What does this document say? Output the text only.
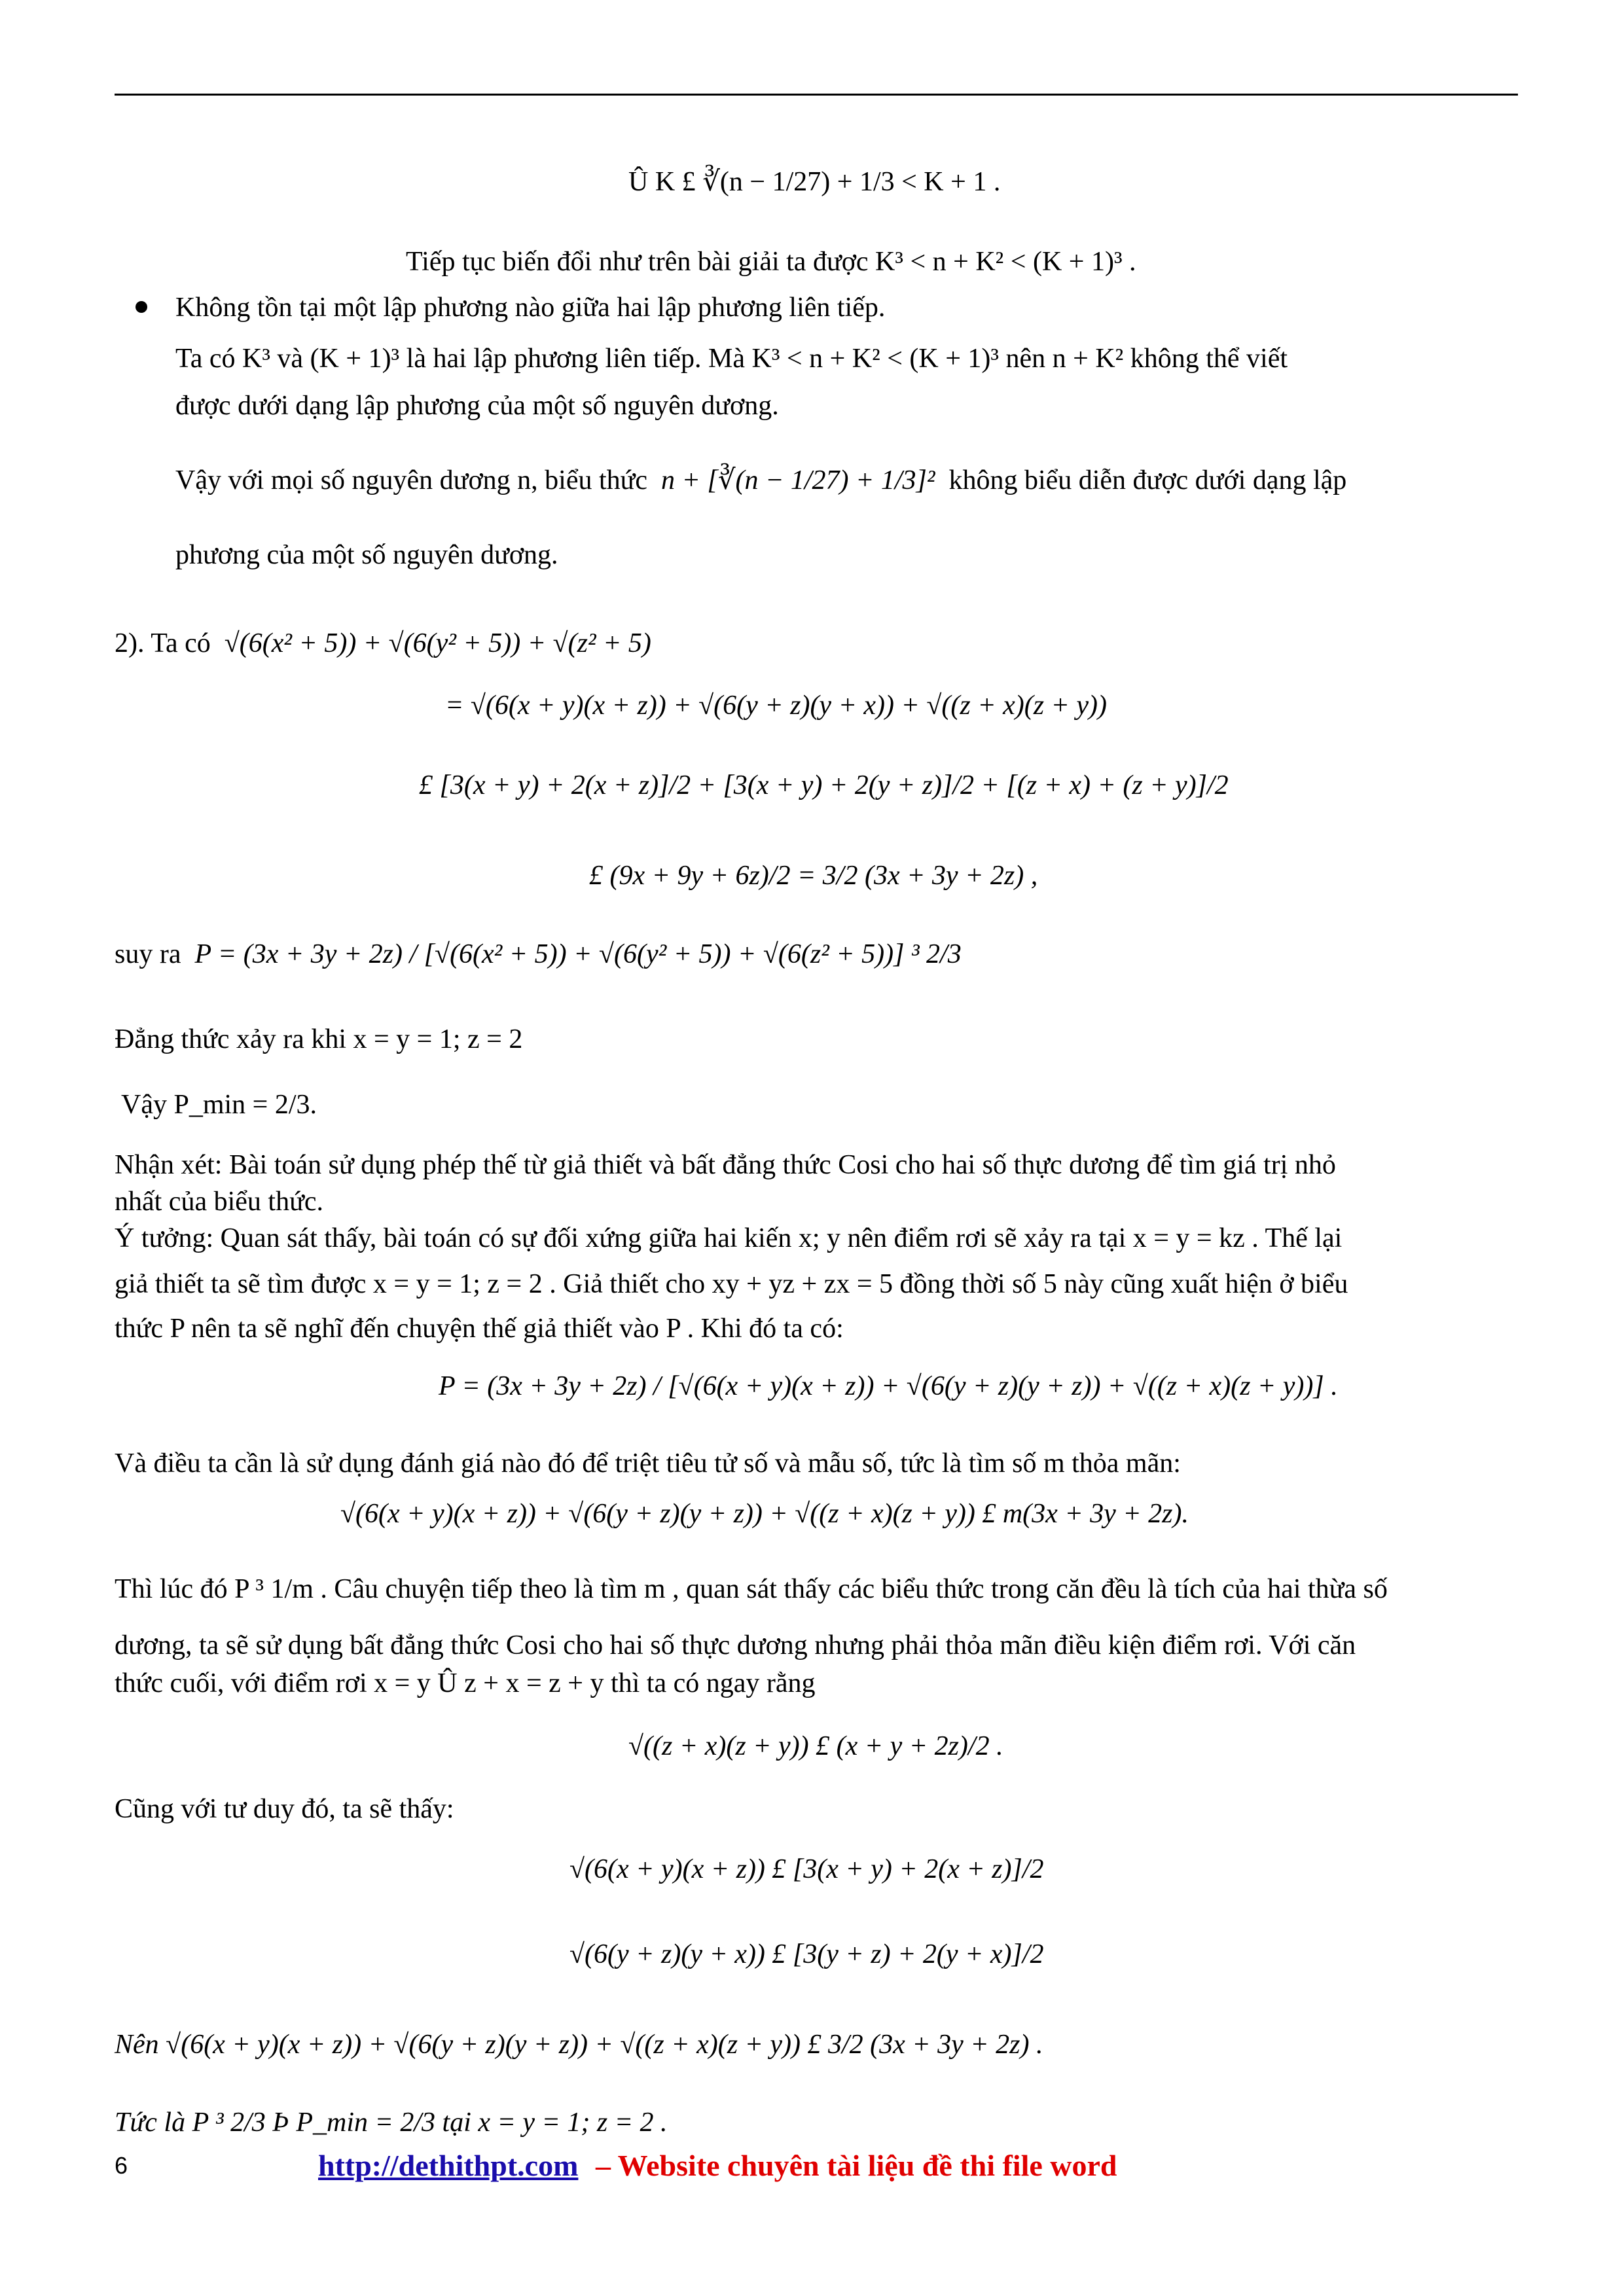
Û K £ ∛(n − 1/27) + 1/3 < K + 1 .
Tiếp tục biến đổi như trên bài giải ta được K³ < n + K² < (K + 1)³ .
Không tồn tại một lập phương nào giữa hai lập phương liên tiếp.
Ta có K³ và (K + 1)³ là hai lập phương liên tiếp. Mà K³ < n + K² < (K + 1)³ nên n + K² không thể viết
được dưới dạng lập phương của một số nguyên dương.
Vậy với mọi số nguyên dương n, biểu thức n + [∛(n − 1/27) + 1/3]² không biểu diễn được dưới dạng lập
phương của một số nguyên dương.
2). Ta có √(6(x² + 5)) + √(6(y² + 5)) + √(z² + 5)
= √(6(x + y)(x + z)) + √(6(y + z)(y + x)) + √((z + x)(z + y))
£ [3(x + y) + 2(x + z)]/2 + [3(x + y) + 2(y + z)]/2 + [(z + x) + (z + y)]/2
£ (9x + 9y + 6z)/2 = 3/2 (3x + 3y + 2z) ,
suy ra P = (3x + 3y + 2z) / [√(6(x² + 5)) + √(6(y² + 5)) + √(6(z² + 5))] ³ 2/3
Đẳng thức xảy ra khi x = y = 1; z = 2
Vậy P_min = 2/3.
Nhận xét: Bài toán sử dụng phép thế từ giả thiết và bất đẳng thức Cosi cho hai số thực dương để tìm giá trị nhỏ
nhất của biểu thức.
Ý tưởng: Quan sát thấy, bài toán có sự đối xứng giữa hai kiến x; y nên điểm rơi sẽ xảy ra tại x = y = kz . Thế lại
giả thiết ta sẽ tìm được x = y = 1; z = 2 . Giả thiết cho xy + yz + zx = 5 đồng thời số 5 này cũng xuất hiện ở biểu
thức P nên ta sẽ nghĩ đến chuyện thế giả thiết vào P . Khi đó ta có:
P = (3x + 3y + 2z) / [√(6(x + y)(x + z)) + √(6(y + z)(y + z)) + √((z + x)(z + y))] .
Và điều ta cần là sử dụng đánh giá nào đó để triệt tiêu tử số và mẫu số, tức là tìm số m thỏa mãn:
√(6(x + y)(x + z)) + √(6(y + z)(y + z)) + √((z + x)(z + y)) £ m(3x + 3y + 2z).
Thì lúc đó P ³ 1/m . Câu chuyện tiếp theo là tìm m , quan sát thấy các biểu thức trong căn đều là tích của hai thừa số
dương, ta sẽ sử dụng bất đẳng thức Cosi cho hai số thực dương nhưng phải thỏa mãn điều kiện điểm rơi. Với căn
thức cuối, với điểm rơi x = y Û z + x = z + y thì ta có ngay rằng
√((z + x)(z + y)) £ (x + y + 2z)/2 .
Cũng với tư duy đó, ta sẽ thấy:
√(6(x + y)(x + z)) £ [3(x + y) + 2(x + z)]/2
√(6(y + z)(y + x)) £ [3(y + z) + 2(y + x)]/2
Nên √(6(x + y)(x + z)) + √(6(y + z)(y + z)) + √((z + x)(z + y)) £ 3/2 (3x + 3y + 2z) .
Tức là P ³ 2/3 Þ P_min = 2/3 tại x = y = 1; z = 2 .
6	http://dethithpt.com – Website chuyên tài liệu đề thi file word
